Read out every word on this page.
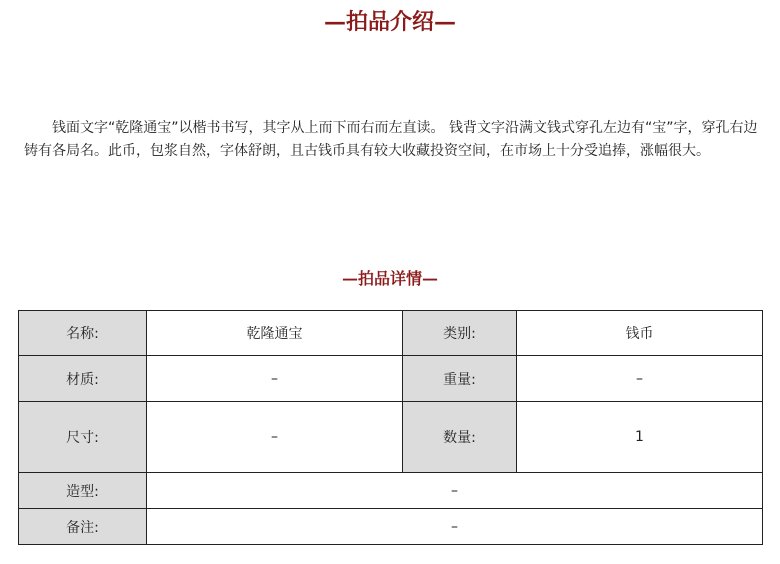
—拍品介绍—

钱面文字“乾隆通宝”以楷书书写，其字从上而下而右而左直读。 钱背文字沿满文钱式穿孔左边有“宝”字，穿孔右边铸有各局名。此币，包浆自然，字体舒朗，且古钱币具有较大收藏投资空间，在市场上十分受追捧，涨幅很大。

—拍品详情—
名称:	乾隆通宝	类别:	钱币
材质:	–	重量:	–
尺寸:	–	数量:	1
造型:	–		
备注:	–		
